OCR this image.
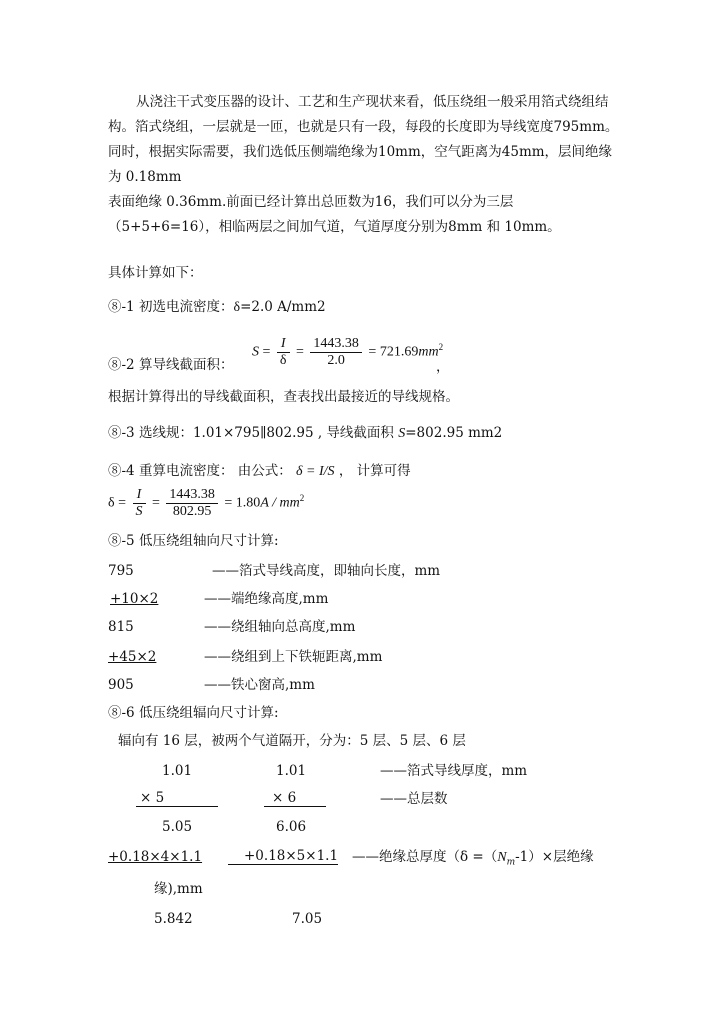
从浇注干式变压器的设计、工艺和生产现状来看，低压绕组一般采用箔式绕组结构。箔式绕组，一层就是一匝，也就是只有一段，每段的长度即为导线宽度795mm。同时，根据实际需要，我们选低压侧端绝缘为10mm，空气距离为45mm，层间绝缘为 0.18mm
表面绝缘 0.36mm.前面已经计算出总匝数为16，我们可以分为三层（5+5+6=16），相临两层之间加气道，气道厚度分别为8mm 和 10mm。
具体计算如下：
⑧-1 初选电流密度：δ=2.0 A/mm2
⑧-2 算导线截面积：
$S = \frac{I}{\delta} = \frac{1443.38}{2.0} = 721.69mm^2$
，
根据计算得出的导线截面积，查表找出最接近的导线规格。
⑧-3 选线规：1.01×795∥802.95 , 导线截面积 S=802.95 mm2
⑧-4 重算电流密度： 由公式： δ = I/S ， 计算可得
$\delta = \frac{I}{S} = \frac{1443.38}{802.95} = 1.80A / mm^2$
⑧-5 低压绕组轴向尺寸计算:
795	——箔式导线高度，即轴向长度，mm
+10×2	——端绝缘高度,mm
815	——绕组轴向总高度,mm
+45×2	——绕组到上下铁轭距离,mm
905	——铁心窗高,mm
⑧-6 低压绕组辐向尺寸计算:
辐向有 16 层，被两个气道隔开，分为：5 层、5 层、6 层
1.01	1.01	——箔式导线厚度，mm
× 5	× 6	——总层数
5.05	6.06
+0.18×4×1.1	+0.18×5×1.1 ——绝缘总厚度（$\delta =(N_m-1)\times$层绝缘
缘),mm
5.842	7.05
